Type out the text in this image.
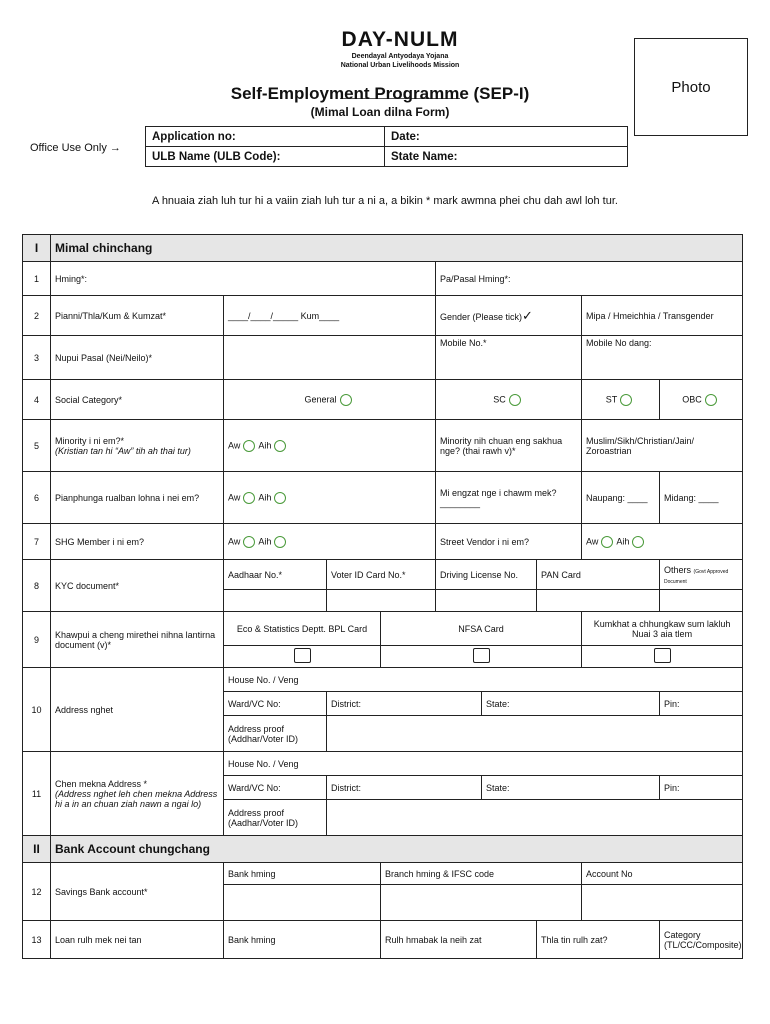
DAY-NULM
Deendayal Antyodaya Yojana
National Urban Livelihoods Mission
Self-Employment Programme (SEP-I)
(Mimal Loan dilna Form)
Photo
Office Use Only →
Application no:	Date:
ULB Name (ULB Code):	State Name:
A hnuaia ziah luh tur hi a vaiin ziah luh tur a ni a, a bikin * mark awmna phei chu dah awl loh tur.
I	Mimal chinchang								
1	Hming*:				Pa/Pasal Hming*:				
2	Pianni/Thla/Kum & Kumzat*	____/____/_____ Kum____			Gender (Please tick)✓			Mipa / Hmeichhia / Transgender	
3	Nupui Pasal (Nei/Neilo)*				Mobile No.*			Mobile No dang:	
4	Social Category*	General			SC			ST	OBC
5	Minority i ni em?*
(Kristian tan hi “Aw” tih ah thai tur)	Aw Aih			Minority nih chuan eng sakhua nge? (thai rawh v)*			Muslim/Sikh/Christian/Jain/ Zoroastrian	
6	Pianphunga rualban lohna i nei em?	Aw Aih			Mi engzat nge i chawm mek?
________			Naupang: ____	Midang: ____
7	SHG Member i ni em?	Aw Aih			Street Vendor i ni em?			Aw Aih	
8	KYC document*	Aadhaar No.*	Voter ID Card No.*		Driving License No.		PAN Card		Others (Govt Approved Document

9	Khawpui a cheng mirethei nihna lantirna document (v)*	Eco & Statistics Deptt. BPL Card		NFSA Card				Kumkhat a chhungkaw sum lakluh Nuai 3 aia tlem	

10	Address nghet	House No. / Veng							
		Ward/VC No:	District:			State:			Pin:
		Address proof (Addhar/Voter ID)							
11	Chen mekna Address *
(Address nghet leh chen mekna Address hi a in an chuan ziah nawn a ngai lo)	House No. / Veng							
		Ward/VC No:	District:			State:			Pin:
		Address proof (Aadhar/Voter ID)							
II	Bank Account chungchang								
12	Savings Bank account*	Bank hming		Branch hming & IFSC code				Account No	

13	Loan rulh mek nei tan	Bank hming		Rulh hmabak la neih zat			Thla tin rulh zat?		Category (TL/CC/Composite)
